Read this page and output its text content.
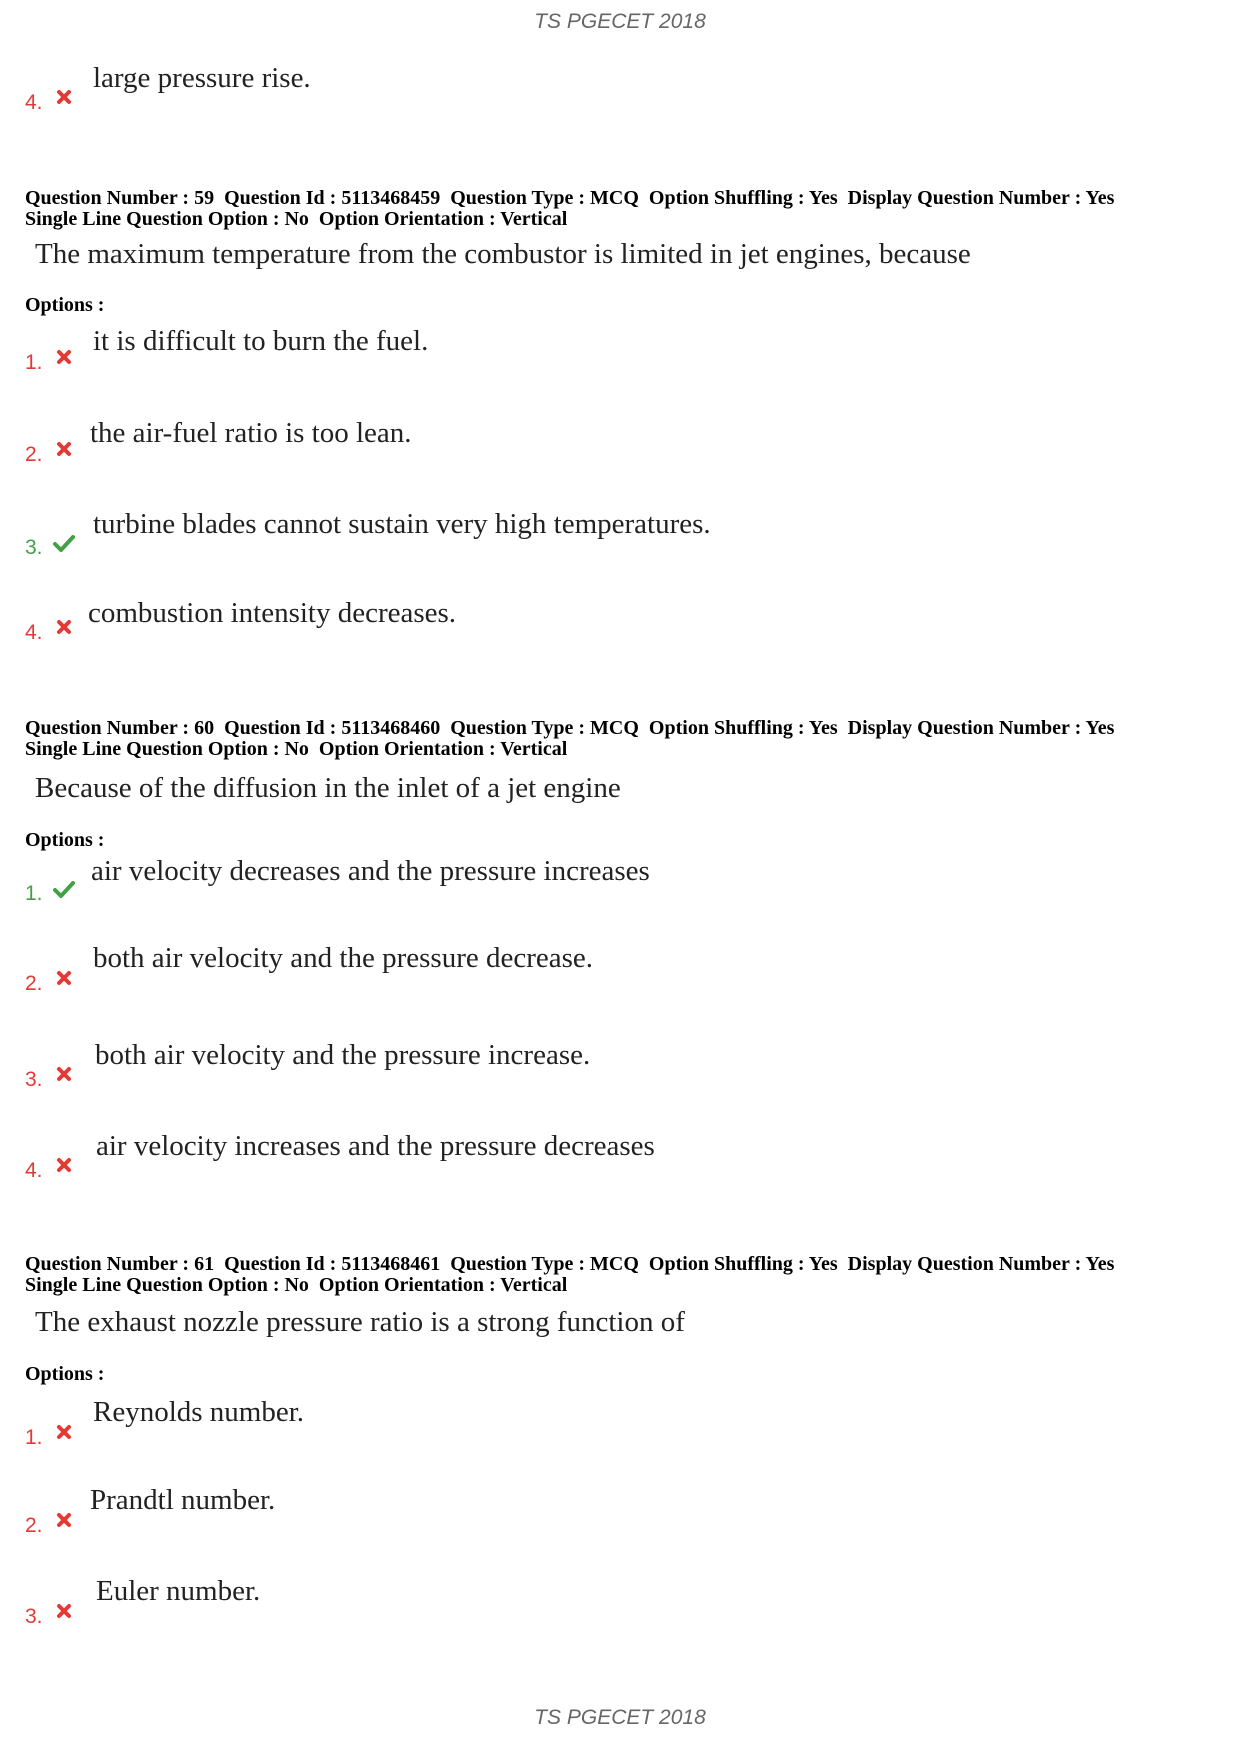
TS PGECET 2018
4.
large pressure rise.
Question Number : 59  Question Id : 5113468459  Question Type : MCQ  Option Shuffling : Yes  Display Question Number : Yes
Single Line Question Option : No  Option Orientation : Vertical
The maximum temperature from the combustor is limited in jet engines, because
Options :
1.
it is difficult to burn the fuel.
2.
the air-fuel ratio is too lean.
3.
turbine blades cannot sustain very high temperatures.
4.
combustion intensity decreases.
Question Number : 60  Question Id : 5113468460  Question Type : MCQ  Option Shuffling : Yes  Display Question Number : Yes
Single Line Question Option : No  Option Orientation : Vertical
Because of the diffusion in the inlet of a jet engine
Options :
1.
air velocity decreases and the pressure increases
2.
both air velocity and the pressure decrease.
3.
both air velocity and the pressure increase.
4.
air velocity increases and the pressure decreases
Question Number : 61  Question Id : 5113468461  Question Type : MCQ  Option Shuffling : Yes  Display Question Number : Yes
Single Line Question Option : No  Option Orientation : Vertical
The exhaust nozzle pressure ratio is a strong function of
Options :
1.
Reynolds number.
2.
Prandtl number.
3.
Euler number.
TS PGECET 2018
